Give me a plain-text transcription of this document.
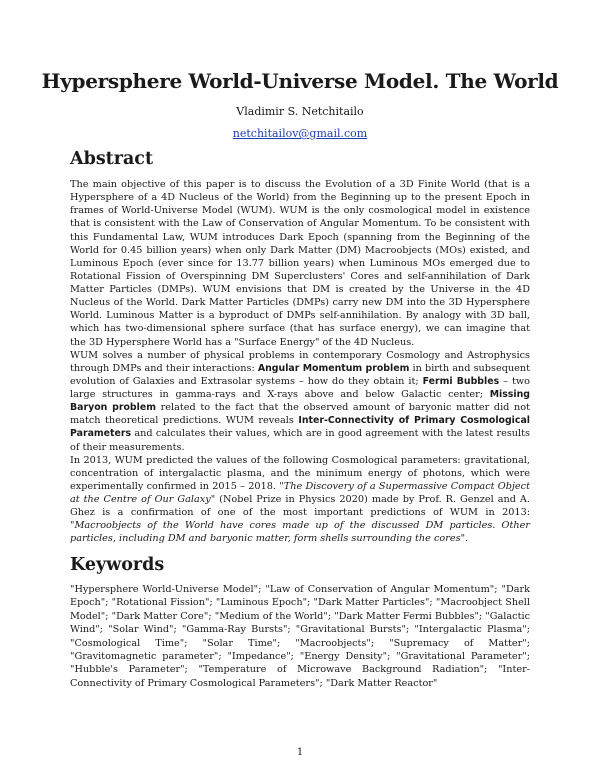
Hypersphere World-Universe Model. The World
Vladimir S. Netchitailo
netchitailov@gmail.com
Abstract

The main objective of this paper is to discuss the Evolution of a 3D Finite World (that is a Hypersphere of a 4D Nucleus of the World) from the Beginning up to the present Epoch in frames of World-Universe Model (WUM). WUM is the only cosmological model in existence that is consistent with the Law of Conservation of Angular Momentum. To be consistent with this Fundamental Law, WUM introduces Dark Epoch (spanning from the Beginning of the World for 0.45 billion years) when only Dark Matter (DM) Macroobjects (MOs) existed, and Luminous Epoch (ever since for 13.77 billion years) when Luminous MOs emerged due to Rotational Fission of Overspinning DM Superclusters' Cores and self-annihilation of Dark Matter Particles (DMPs). WUM envisions that DM is created by the Universe in the 4D Nucleus of the World. Dark Matter Particles (DMPs) carry new DM into the 3D Hypersphere World. Luminous Matter is a byproduct of DMPs self-annihilation. By analogy with 3D ball, which has two-dimensional sphere surface (that has surface energy), we can imagine that the 3D Hypersphere World has a "Surface Energy" of the 4D Nucleus.

WUM solves a number of physical problems in contemporary Cosmology and Astrophysics through DMPs and their interactions: Angular Momentum problem in birth and subsequent evolution of Galaxies and Extrasolar systems – how do they obtain it; Fermi Bubbles – two large structures in gamma-rays and X-rays above and below Galactic center; Missing Baryon problem related to the fact that the observed amount of baryonic matter did not match theoretical predictions. WUM reveals Inter-Connectivity of Primary Cosmological Parameters and calculates their values, which are in good agreement with the latest results of their measurements.

In 2013, WUM predicted the values of the following Cosmological parameters: gravitational, concentration of intergalactic plasma, and the minimum energy of photons, which were experimentally confirmed in 2015 – 2018. "The Discovery of a Supermassive Compact Object at the Centre of Our Galaxy" (Nobel Prize in Physics 2020) made by Prof. R. Genzel and A. Ghez is a confirmation of one of the most important predictions of WUM in 2013: "Macroobjects of the World have cores made up of the discussed DM particles. Other particles, including DM and baryonic matter, form shells surrounding the cores".

Keywords

"Hypersphere World-Universe Model"; "Law of Conservation of Angular Momentum"; "Dark Epoch"; "Rotational Fission"; "Luminous Epoch"; "Dark Matter Particles"; "Macroobject Shell Model"; "Dark Matter Core"; "Medium of the World"; "Dark Matter Fermi Bubbles"; "Galactic Wind"; "Solar Wind"; "Gamma-Ray Bursts"; "Gravitational Bursts"; "Intergalactic Plasma"; "Cosmological Time"; "Solar Time"; "Macroobjects"; "Supremacy of Matter"; "Gravitomagnetic parameter"; "Impedance"; "Energy Density"; "Gravitational Parameter"; "Hubble's Parameter"; "Temperature of Microwave Background Radiation"; "Inter-Connectivity of Primary Cosmological Parameters"; "Dark Matter Reactor"

1
